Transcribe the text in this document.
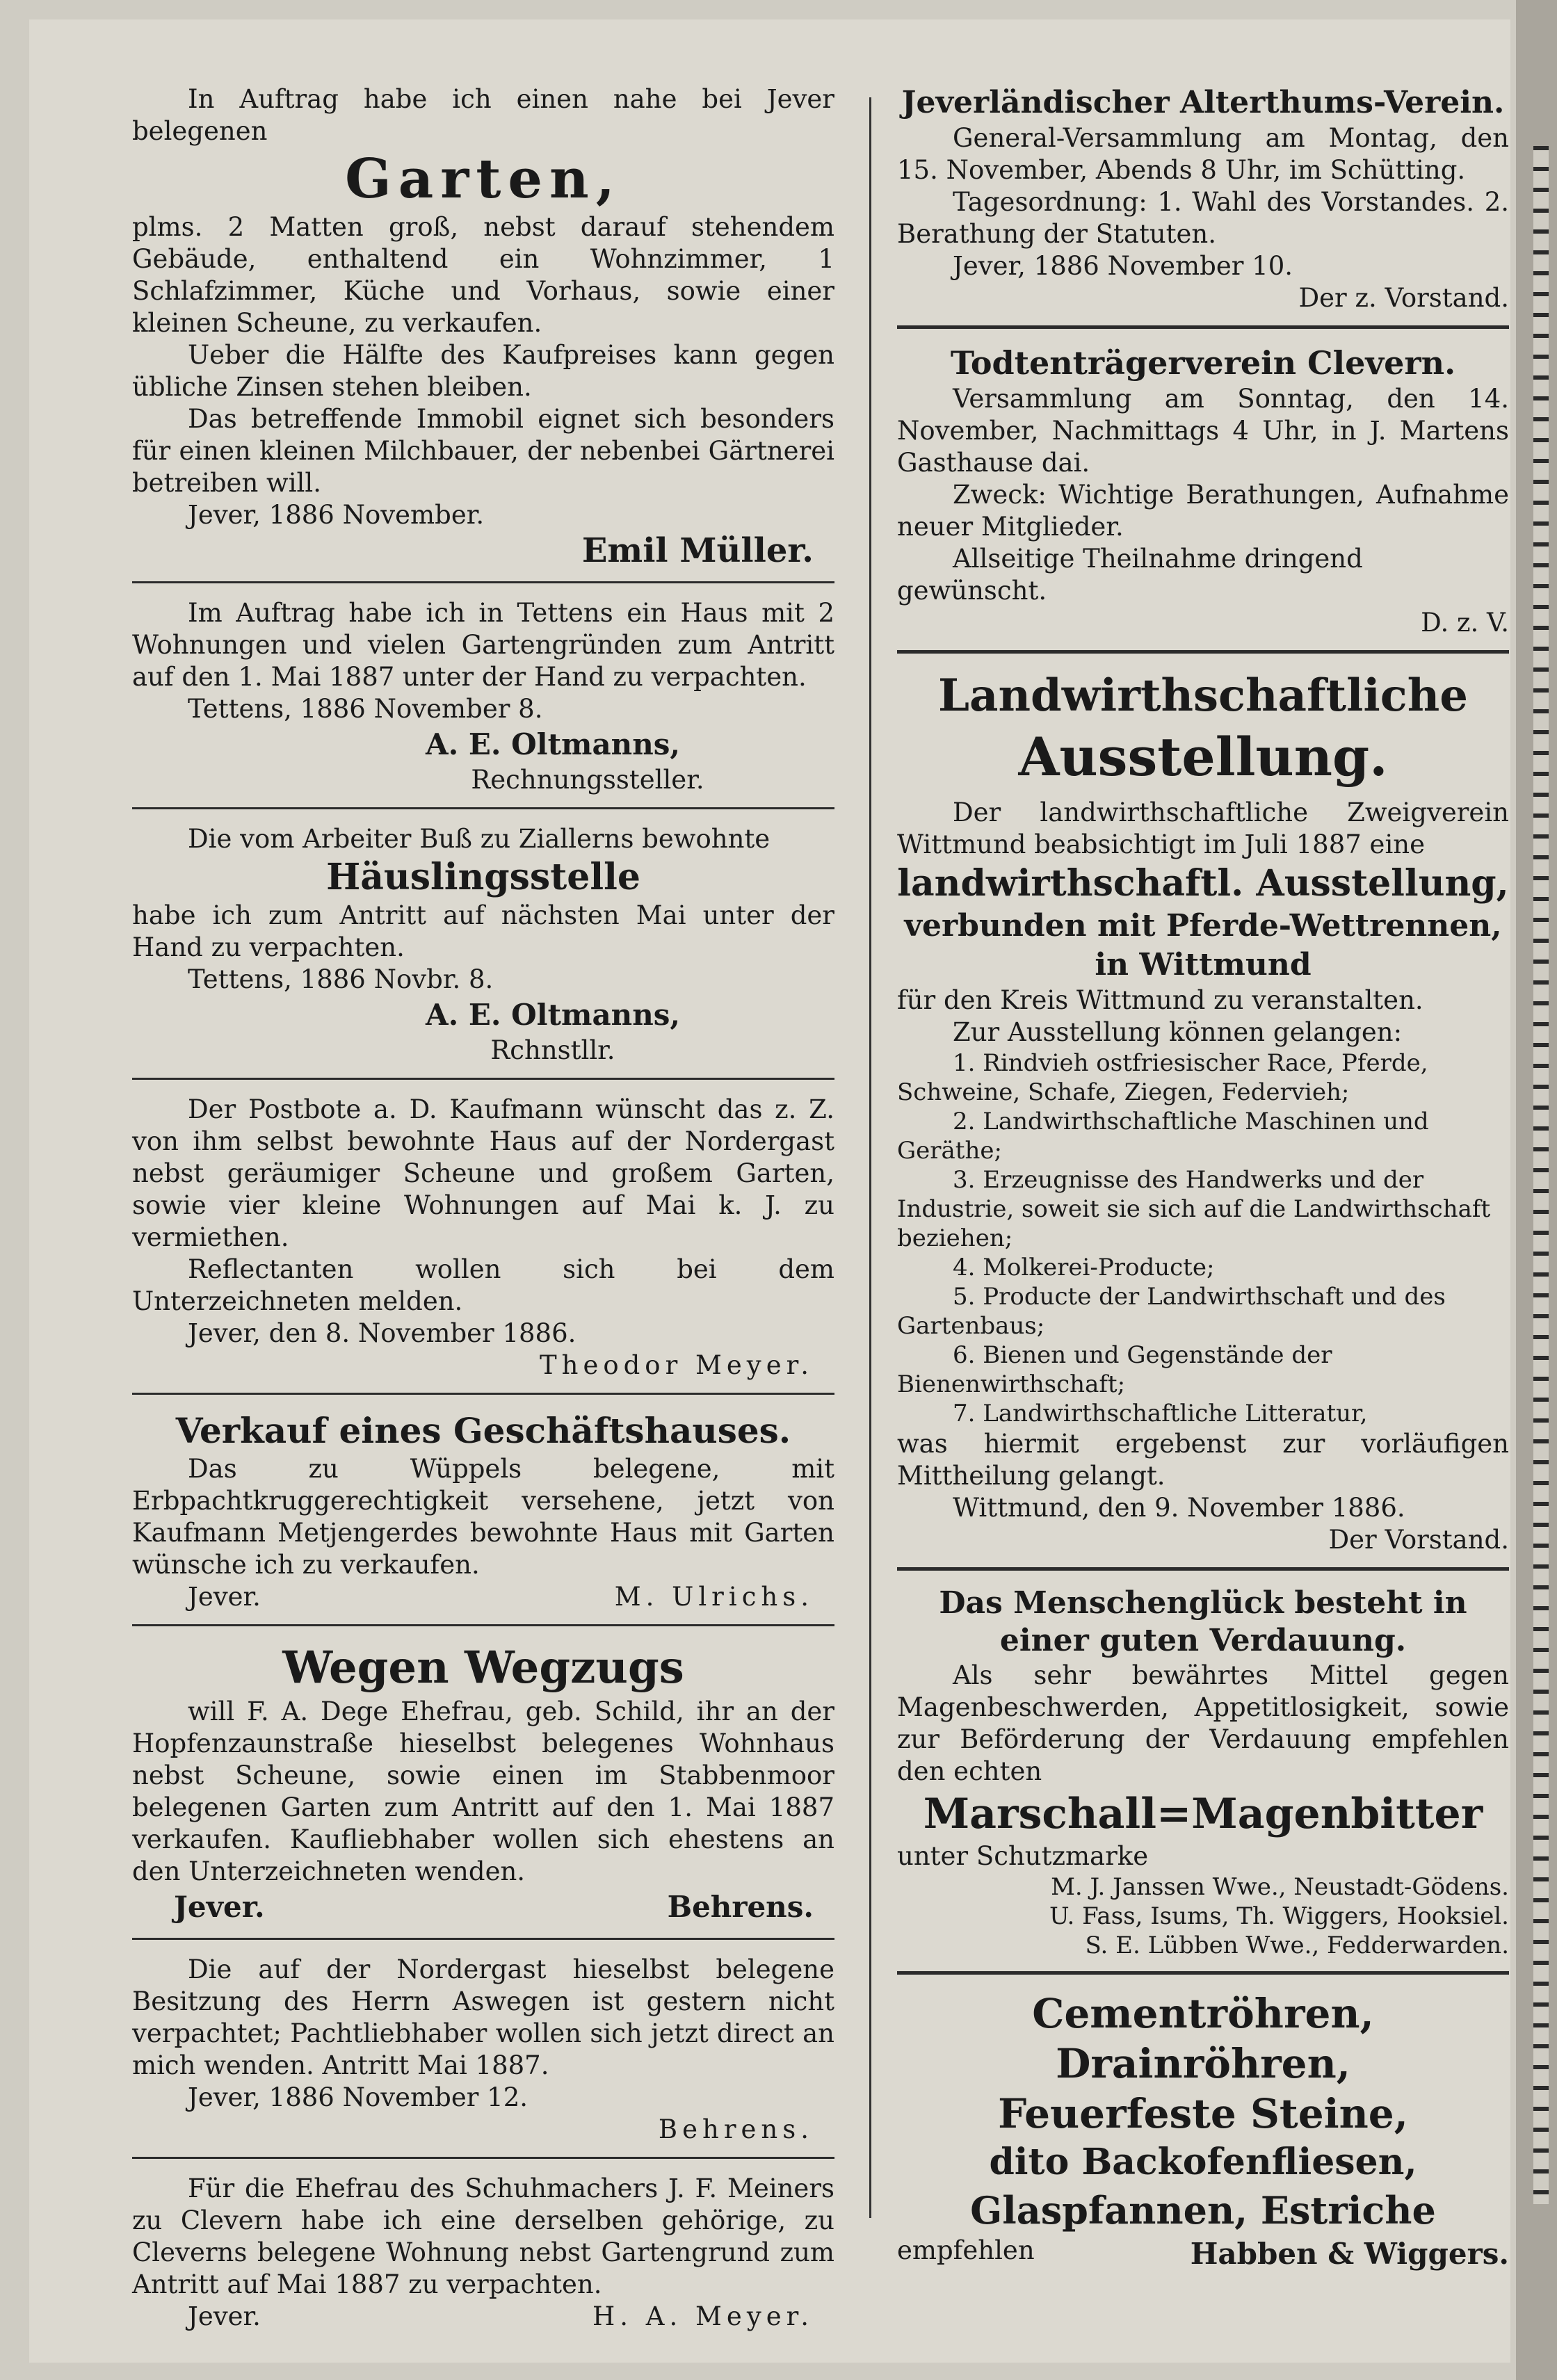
In Auftrag habe ich einen nahe bei Jever belegenen

Garten,

plms. 2 Matten groß, nebst darauf stehendem Gebäude, enthaltend ein Wohnzimmer, 1 Schlafzimmer, Küche und Vorhaus, sowie einer kleinen Scheune, zu verkaufen.

Ueber die Hälfte des Kaufpreises kann gegen übliche Zinsen stehen bleiben.

Das betreffende Immobil eignet sich besonders für einen kleinen Milchbauer, der nebenbei Gärtnerei betreiben will.

Jever, 1886 November.

Emil Müller.

Im Auftrag habe ich in Tettens ein Haus mit 2 Wohnungen und vielen Gartengründen zum Antritt auf den 1. Mai 1887 unter der Hand zu verpachten.

Tettens, 1886 November 8.

A. E. Oltmanns,

Rechnungssteller.

Die vom Arbeiter Buß zu Ziallerns bewohnte

Häuslingsstelle

habe ich zum Antritt auf nächsten Mai unter der Hand zu verpachten.

Tettens, 1886 Novbr. 8.

A. E. Oltmanns,

Rchnstllr.

Der Postbote a. D. Kaufmann wünscht das z. Z. von ihm selbst bewohnte Haus auf der Nordergast nebst geräumiger Scheune und großem Garten, sowie vier kleine Wohnungen auf Mai k. J. zu vermiethen.

Reflectanten wollen sich bei dem Unterzeichneten melden.

Jever, den 8. November 1886.

Theodor Meyer.

Verkauf eines Geschäftshauses.

Das zu Wüppels belegene, mit Erbpachtkruggerechtigkeit versehene, jetzt von Kaufmann Metjengerdes bewohnte Haus mit Garten wünsche ich zu verkaufen.

Jever.	M. Ulrichs.

Wegen Wegzugs

will F. A. Dege Ehefrau, geb. Schild, ihr an der Hopfenzaunstraße hieselbst belegenes Wohnhaus nebst Scheune, sowie einen im Stabbenmoor belegenen Garten zum Antritt auf den 1. Mai 1887 verkaufen. Kaufliebhaber wollen sich ehestens an den Unterzeichneten wenden.

Jever.	Behrens.

Die auf der Nordergast hieselbst belegene Besitzung des Herrn Aswegen ist gestern nicht verpachtet; Pachtliebhaber wollen sich jetzt direct an mich wenden. Antritt Mai 1887.

Jever, 1886 November 12.

Behrens.

Für die Ehefrau des Schuhmachers J. F. Meiners zu Clevern habe ich eine derselben gehörige, zu Cleverns belegene Wohnung nebst Gartengrund zum Antritt auf Mai 1887 zu verpachten.

Jever.	H. A. Meyer.

Jeverländischer Alterthums-Verein.

General-Versammlung am Montag, den 15. November, Abends 8 Uhr, im Schütting.

Tagesordnung: 1. Wahl des Vorstandes. 2. Berathung der Statuten.

Jever, 1886 November 10.

Der z. Vorstand.

Todtenträgerverein Clevern.

Versammlung am Sonntag, den 14. November, Nachmittags 4 Uhr, in J. Martens Gasthause dai.

Zweck: Wichtige Berathungen, Aufnahme neuer Mitglieder.

Allseitige Theilnahme dringend gewünscht.

D. z. V.

Landwirthschaftliche

Ausstellung.

Der landwirthschaftliche Zweigverein Wittmund beabsichtigt im Juli 1887 eine

landwirthschaftl. Ausstellung,

verbunden mit Pferde-Wettrennen,

in Wittmund

für den Kreis Wittmund zu veranstalten.

Zur Ausstellung können gelangen:

1. Rindvieh ostfriesischer Race, Pferde, Schweine, Schafe, Ziegen, Federvieh;

2. Landwirthschaftliche Maschinen und Geräthe;

3. Erzeugnisse des Handwerks und der Industrie, soweit sie sich auf die Landwirthschaft beziehen;

4. Molkerei-Producte;

5. Producte der Landwirthschaft und des Gartenbaus;

6. Bienen und Gegenstände der Bienenwirthschaft;

7. Landwirthschaftliche Litteratur,

was hiermit ergebenst zur vorläufigen Mittheilung gelangt.

Wittmund, den 9. November 1886.

Der Vorstand.

Das Menschenglück besteht in einer guten Verdauung.

Als sehr bewährtes Mittel gegen Magenbeschwerden, Appetitlosigkeit, sowie zur Beförderung der Verdauung empfehlen den echten

Marschall=Magenbitter

unter Schutzmarke

M. J. Janssen Wwe., Neustadt-Gödens.

U. Fass, Isums, Th. Wiggers, Hooksiel.

S. E. Lübben Wwe., Fedderwarden.

Cementröhren,

Drainröhren,

Feuerfeste Steine,

dito Backofenfliesen,

Glaspfannen, Estriche

empfehlen	Habben & Wiggers.
